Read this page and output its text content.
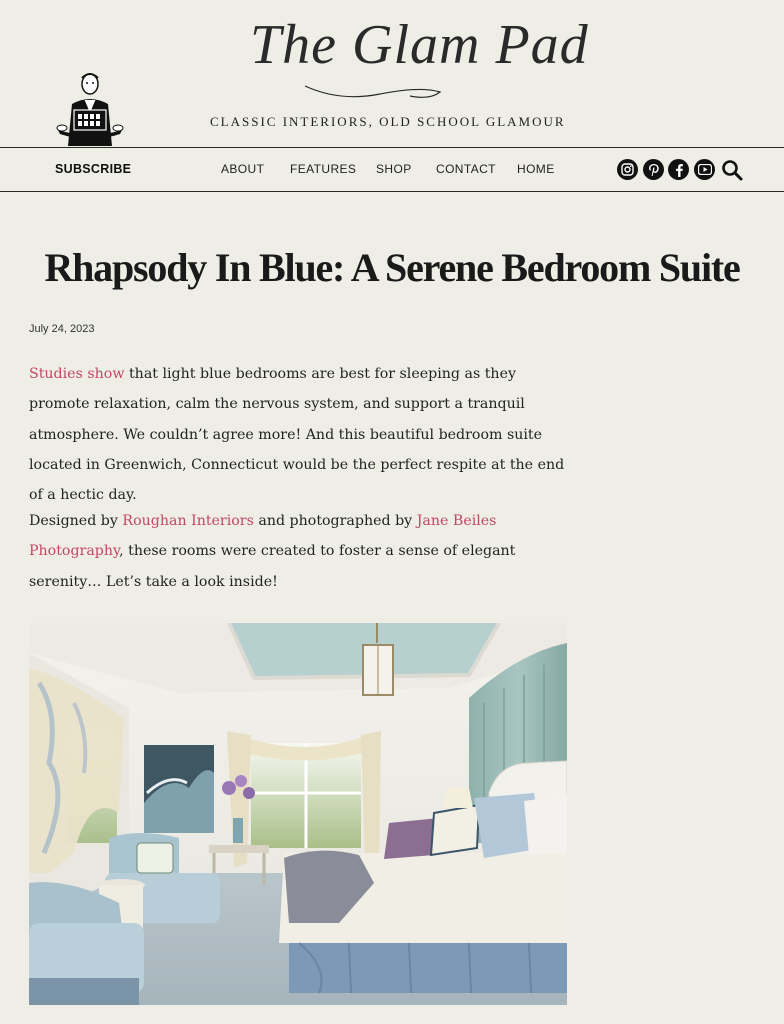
The Glam Pad
CLASSIC INTERIORS, OLD SCHOOL GLAMOUR
SUBSCRIBE	ABOUT FEATURES SHOP CONTACT HOME
Rhapsody In Blue: A Serene Bedroom Suite
July 24, 2023

Studies show that light blue bedrooms are best for sleeping as they promote relaxation, calm the nervous system, and support a tranquil atmosphere. We couldn’t agree more! And this beautiful bedroom suite located in Greenwich, Connecticut would be the perfect respite at the end of a hectic day.

Designed by Roughan Interiors and photographed by Jane Beiles Photography, these rooms were created to foster a sense of elegant serenity… Let’s take a look inside!
